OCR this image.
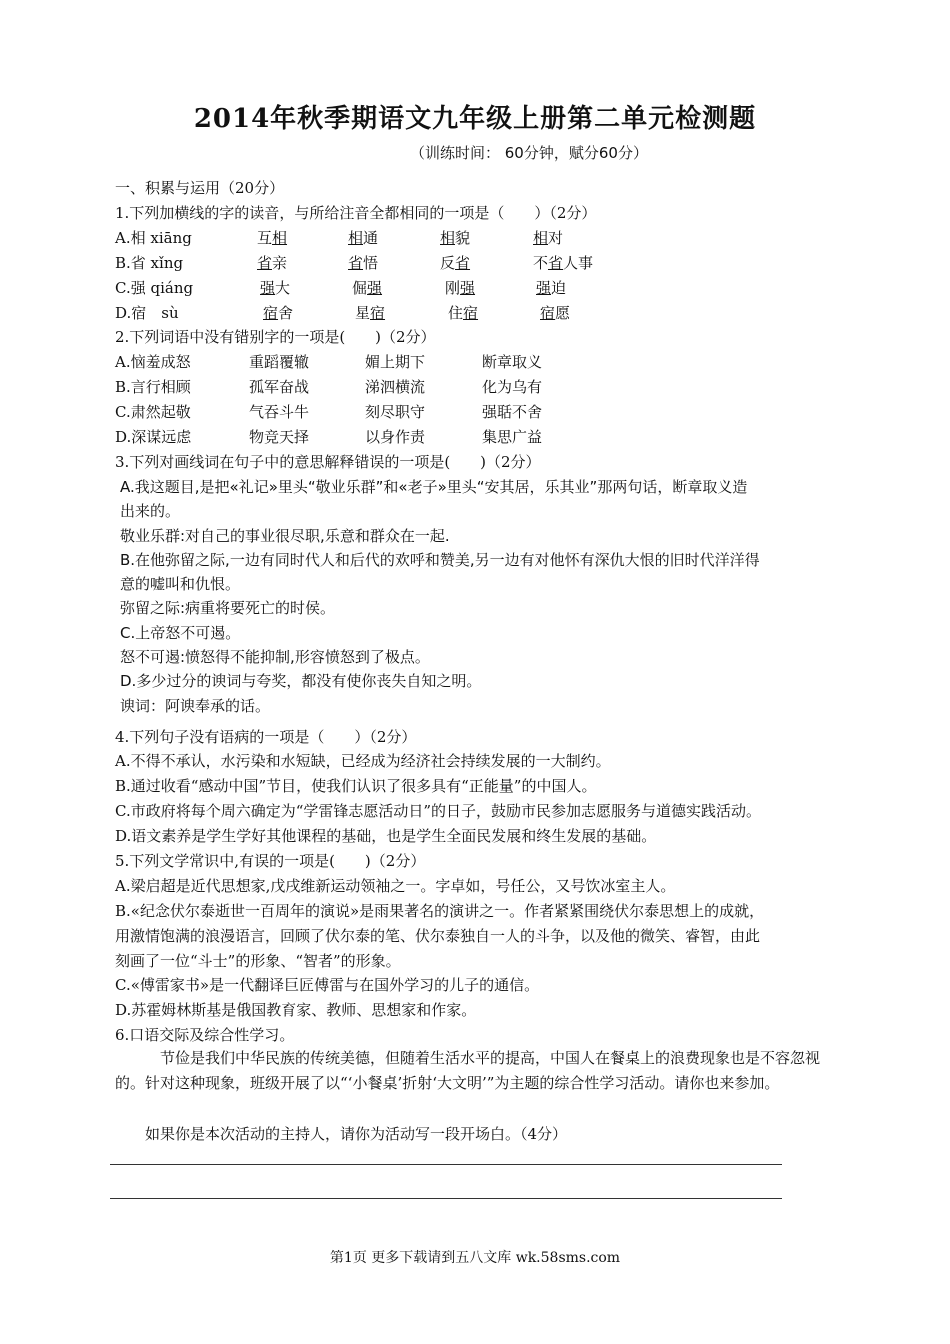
2014年秋季期语文九年级上册第二单元检测题
（训练时间： 60分钟，赋分60分）
一、积累与运用（20分）
1.下列加横线的字的读音，与所给注音全都相同的一项是（　　）（2分）
A.相 xiāng	互相	相通	相貌	相对
B.省 xǐng	省亲	省悟	反省	不省人事
C.强 qiáng	强大	倔强	刚强	强迫
D.宿　sù	宿舍	星宿	住宿	宿愿
2.下列词语中没有错别字的一项是(　　)（2分）
A.恼羞成怒	重蹈覆辙	媚上期下	断章取义
B.言行相顾	孤军奋战	涕泗横流	化为乌有
C.肃然起敬	气吞斗牛	刻尽职守	强聒不舍
D.深谋远虑	物竞天择	以身作责	集思广益
3.下列对画线词在句子中的意思解释错误的一项是(　　)（2分）
A.我这题目,是把«礼记»里头“敬业乐群”和«老子»里头“安其居，乐其业”那两句话，断章取义造
出来的。
敬业乐群:对自己的事业很尽职,乐意和群众在一起.
B.在他弥留之际,一边有同时代人和后代的欢呼和赞美,另一边有对他怀有深仇大恨的旧时代洋洋得
意的嘘叫和仇恨。
弥留之际:病重将要死亡的时侯。
C.上帝怒不可遏。
怒不可遏:愤怒得不能抑制,形容愤怒到了极点。
D.多少过分的谀词与夸奖，都没有使你丧失自知之明。
谀词：阿谀奉承的话。
4.下列句子没有语病的一项是（　　）（2分）
A.不得不承认，水污染和水短缺，已经成为经济社会持续发展的一大制约。
B.通过收看“感动中国”节目，使我们认识了很多具有“正能量”的中国人。
C.市政府将每个周六确定为“学雷锋志愿活动日”的日子，鼓励市民参加志愿服务与道德实践活动。
D.语文素养是学生学好其他课程的基础，也是学生全面民发展和终生发展的基础。
5.下列文学常识中,有误的一项是(　　)（2分）
A.梁启超是近代思想家,戊戌维新运动领袖之一。字卓如，号任公，又号饮冰室主人。
B.«纪念伏尔泰逝世一百周年的演说»是雨果著名的演讲之一。作者紧紧围绕伏尔泰思想上的成就，
用激情饱满的浪漫语言，回顾了伏尔泰的笔、伏尔泰独自一人的斗争，以及他的微笑、睿智，由此
刻画了一位“斗士”的形象、“智者”的形象。
C.«傅雷家书»是一代翻译巨匠傅雷与在国外学习的儿子的通信。
D.苏霍姆林斯基是俄国教育家、教师、思想家和作家。
6.口语交际及综合性学习。
节俭是我们中华民族的传统美德，但随着生活水平的提高，中国人在餐桌上的浪费现象也是不容忽视的。针对这种现象，班级开展了以“‘小餐桌’折射‘大文明’”为主题的综合性学习活动。请你也来参加。
如果你是本次活动的主持人，请你为活动写一段开场白。（4分）
第1页 更多下载请到五八文库 wk.58sms.com
